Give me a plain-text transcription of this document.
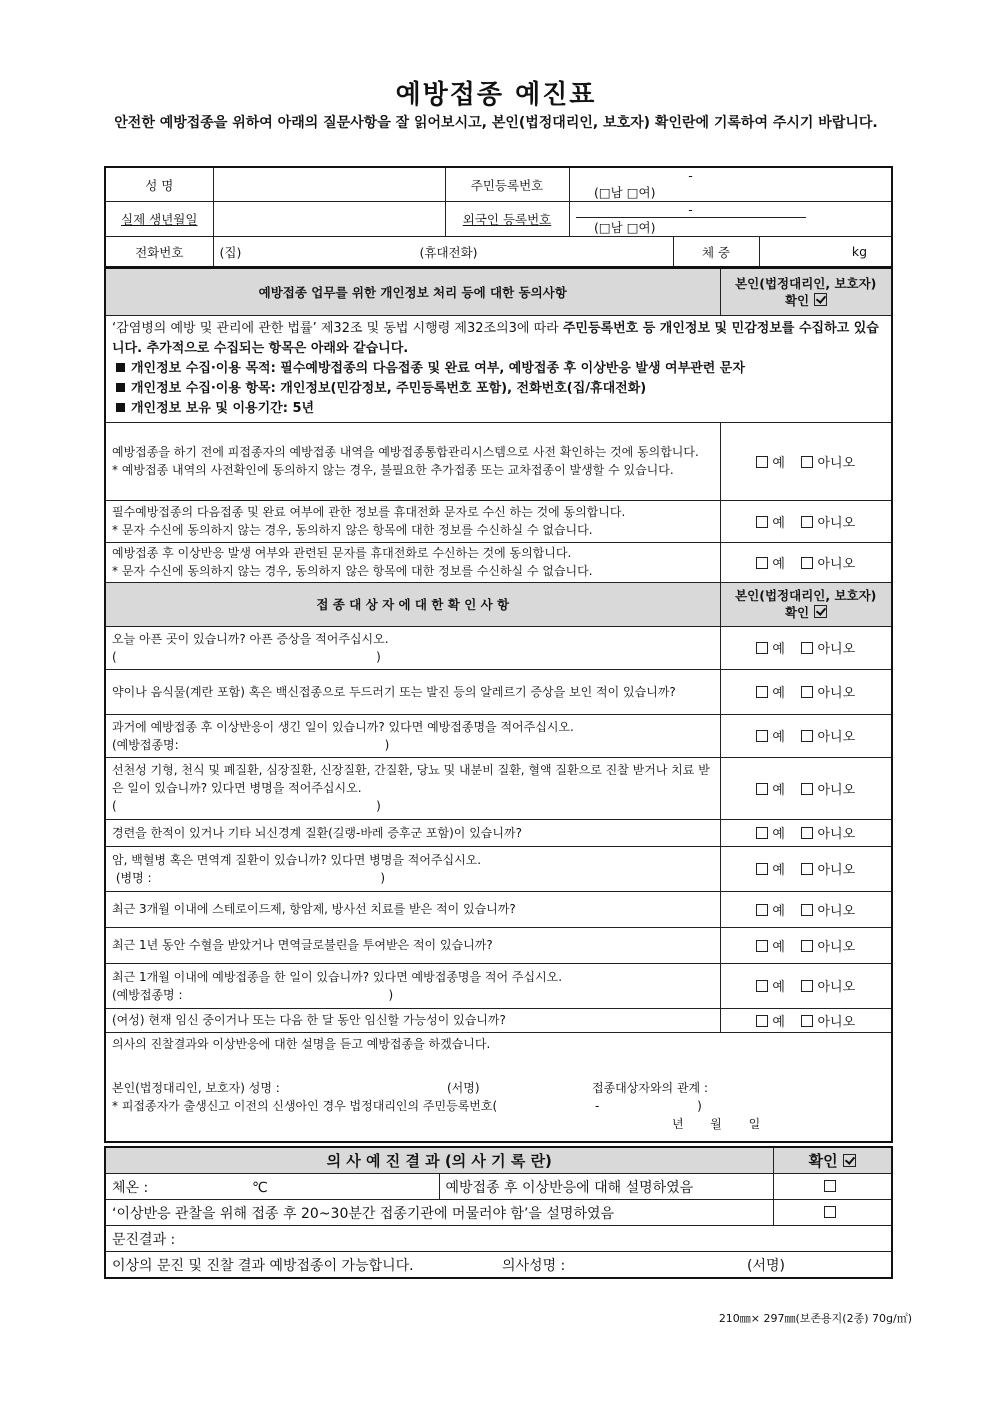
예방접종 예진표
안전한 예방접종을 위하여 아래의 질문사항을 잘 읽어보시고, 본인(법정대리인, 보호자) 확인란에 기록하여 주시기 바랍니다.
성 명		주민등록번호	- (□남 □여)		
실제 생년월일		외국인 등록번호	- (□남 □여)		
전화번호	(집) (휴대전화)			체 중	kg
예방접종 업무를 위한 개인정보 처리 등에 대한 동의사항	본인(법정대리인, 보호자)
확인

‘감염병의 예방 및 관리에 관한 법률’ 제32조 및 동법 시행령 제32조의3에 따라 주민등록번호 등 개인정보 및 민감정보를 수집하고 있습니다. 추가적으로 수집되는 항목은 아래와 같습니다.
개인정보 수집·이용 목적: 필수예방접종의 다음접종 및 완료 여부, 예방접종 후 이상반응 발생 여부관련 문자
개인정보 수집·이용 항목: 개인정보(민감정보, 주민등록번호 포함), 전화번호(집/휴대전화)
개인정보 보유 및 이용기간: 5년	

예방접종을 하기 전에 피접종자의 예방접종 내역을 예방접종통합관리시스템으로 사전 확인하는 것에 동의합니다.
* 예방접종 내역의 사전확인에 동의하지 않는 경우, 불필요한 추가접종 또는 교차접종이 발생할 수 있습니다.	예 아니오

필수예방접종의 다음접종 및 완료 여부에 관한 정보를 휴대전화 문자로 수신 하는 것에 동의합니다.
* 문자 수신에 동의하지 않는 경우, 동의하지 않은 항목에 대한 정보를 수신하실 수 없습니다.	예 아니오

예방접종 후 이상반응 발생 여부와 관련된 문자를 휴대전화로 수신하는 것에 동의합니다.
* 문자 수신에 동의하지 않는 경우, 동의하지 않은 항목에 대한 정보를 수신하실 수 없습니다.	예 아니오
접 종 대 상 자 에 대 한 확 인 사 항	본인(법정대리인, 보호자)
확인

오늘 아픈 곳이 있습니까? 아픈 증상을 적어주십시오.
(                                                                    )	예 아니오

약이나 음식물(계란 포함) 혹은 백신접종으로 두드러기 또는 발진 등의 알레르기 증상을 보인 적이 있습니까?	예 아니오

과거에 예방접종 후 이상반응이 생긴 일이 있습니까? 있다면 예방접종명을 적어주십시오.
(예방접종명:                                                      )	예 아니오

선천성 기형, 천식 및 폐질환, 심장질환, 신장질환, 간질환, 당뇨 및 내분비 질환, 혈액 질환으로 진찰 받거나 치료 받은 일이 있습니까? 있다면 병명을 적어주십시오.
(                                                                    )	예 아니오

경련을 한적이 있거나 기타 뇌신경계 질환(길랭-바레 증후군 포함)이 있습니까?	예 아니오

암, 백혈병 혹은 면역계 질환이 있습니까? 있다면 병명을 적어주십시오.
(병명 :                                                            )	예 아니오

최근 3개월 이내에 스테로이드제, 항암제, 방사선 치료를 받은 적이 있습니까?	예 아니오

최근 1년 동안 수혈을 받았거나 면역글로불린을 투여받은 적이 있습니까?	예 아니오

최근 1개월 이내에 예방접종을 한 일이 있습니까? 있다면 예방접종명을 적어 주십시오.
(예방접종명 :                                                      )	예 아니오

(여성) 현재 임신 중이거나 또는 다음 한 달 동안 임신할 가능성이 있습니까?	예 아니오

의사의 진찰결과와 이상반응에 대한 설명을 듣고 예방접종을 하겠습니다.
본인(법정대리인, 보호자) 성명 : (서명) 접종대상자와의 관계 :
* 피접종자가 출생신고 이전의 신생아인 경우 법정대리인의 주민등록번호( - )
년       월       일	
의 사 예 진 결 과 (의 사 기 록 란)		확인
체온 : ℃	예방접종 후 이상반응에 대해 설명하였음	
‘이상반응 관찰을 위해 접종 후 20~30분간 접종기관에 머물러야 함’을 설명하였음		
문진결과 :		
이상의 문진 및 진찰 결과 예방접종이 가능합니다. 의사성명 : (서명)		
210㎜× 297㎜(보존용지(2종) 70g/㎡)
